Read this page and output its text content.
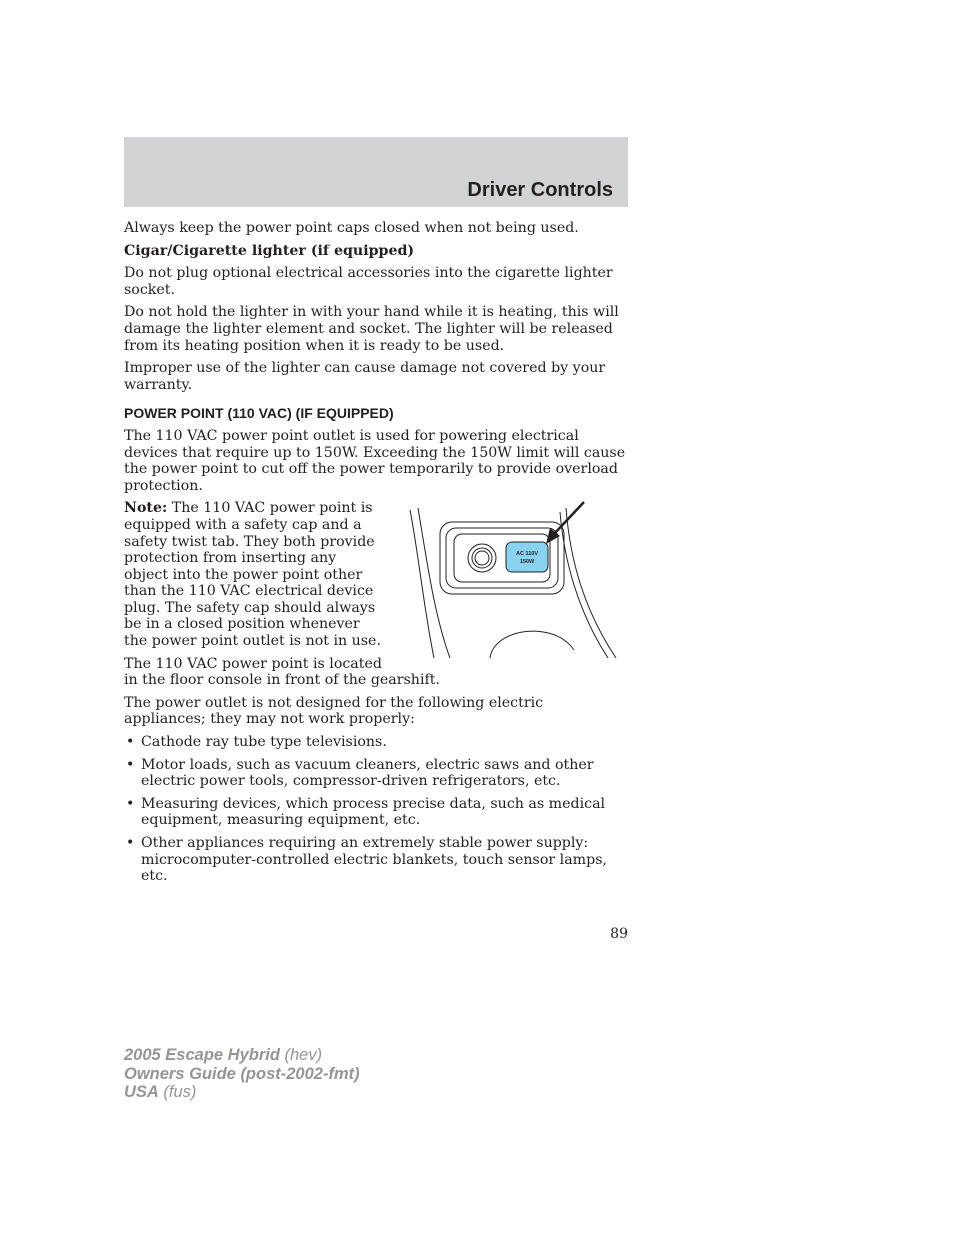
Driver Controls

Always keep the power point caps closed when not being used.

Cigar/Cigarette lighter (if equipped)

Do not plug optional electrical accessories into the cigarette lighter socket.

Do not hold the lighter in with your hand while it is heating, this will damage the lighter element and socket. The lighter will be released from its heating position when it is ready to be used.

Improper use of the lighter can cause damage not covered by your warranty.

POWER POINT (110 VAC) (IF EQUIPPED)

The 110 VAC power point outlet is used for powering electrical devices that require up to 150W. Exceeding the 150W limit will cause the power point to cut off the power temporarily to provide overload protection.

AC 110V
150W

Note: The 110 VAC power point is equipped with a safety cap and a safety twist tab. They both provide protection from inserting any object into the power point other than the 110 VAC electrical device plug. The safety cap should always be in a closed position whenever the power point outlet is not in use.

The 110 VAC power point is located in the floor console in front of the gearshift.

The power outlet is not designed for the following electric appliances; they may not work properly:

• Cathode ray tube type televisions.
• Motor loads, such as vacuum cleaners, electric saws and other electric power tools, compressor-driven refrigerators, etc.
• Measuring devices, which process precise data, such as medical equipment, measuring equipment, etc.
• Other appliances requiring an extremely stable power supply: microcomputer-controlled electric blankets, touch sensor lamps, etc.
89
2005 Escape Hybrid (hev)
Owners Guide (post-2002-fmt)
USA (fus)
